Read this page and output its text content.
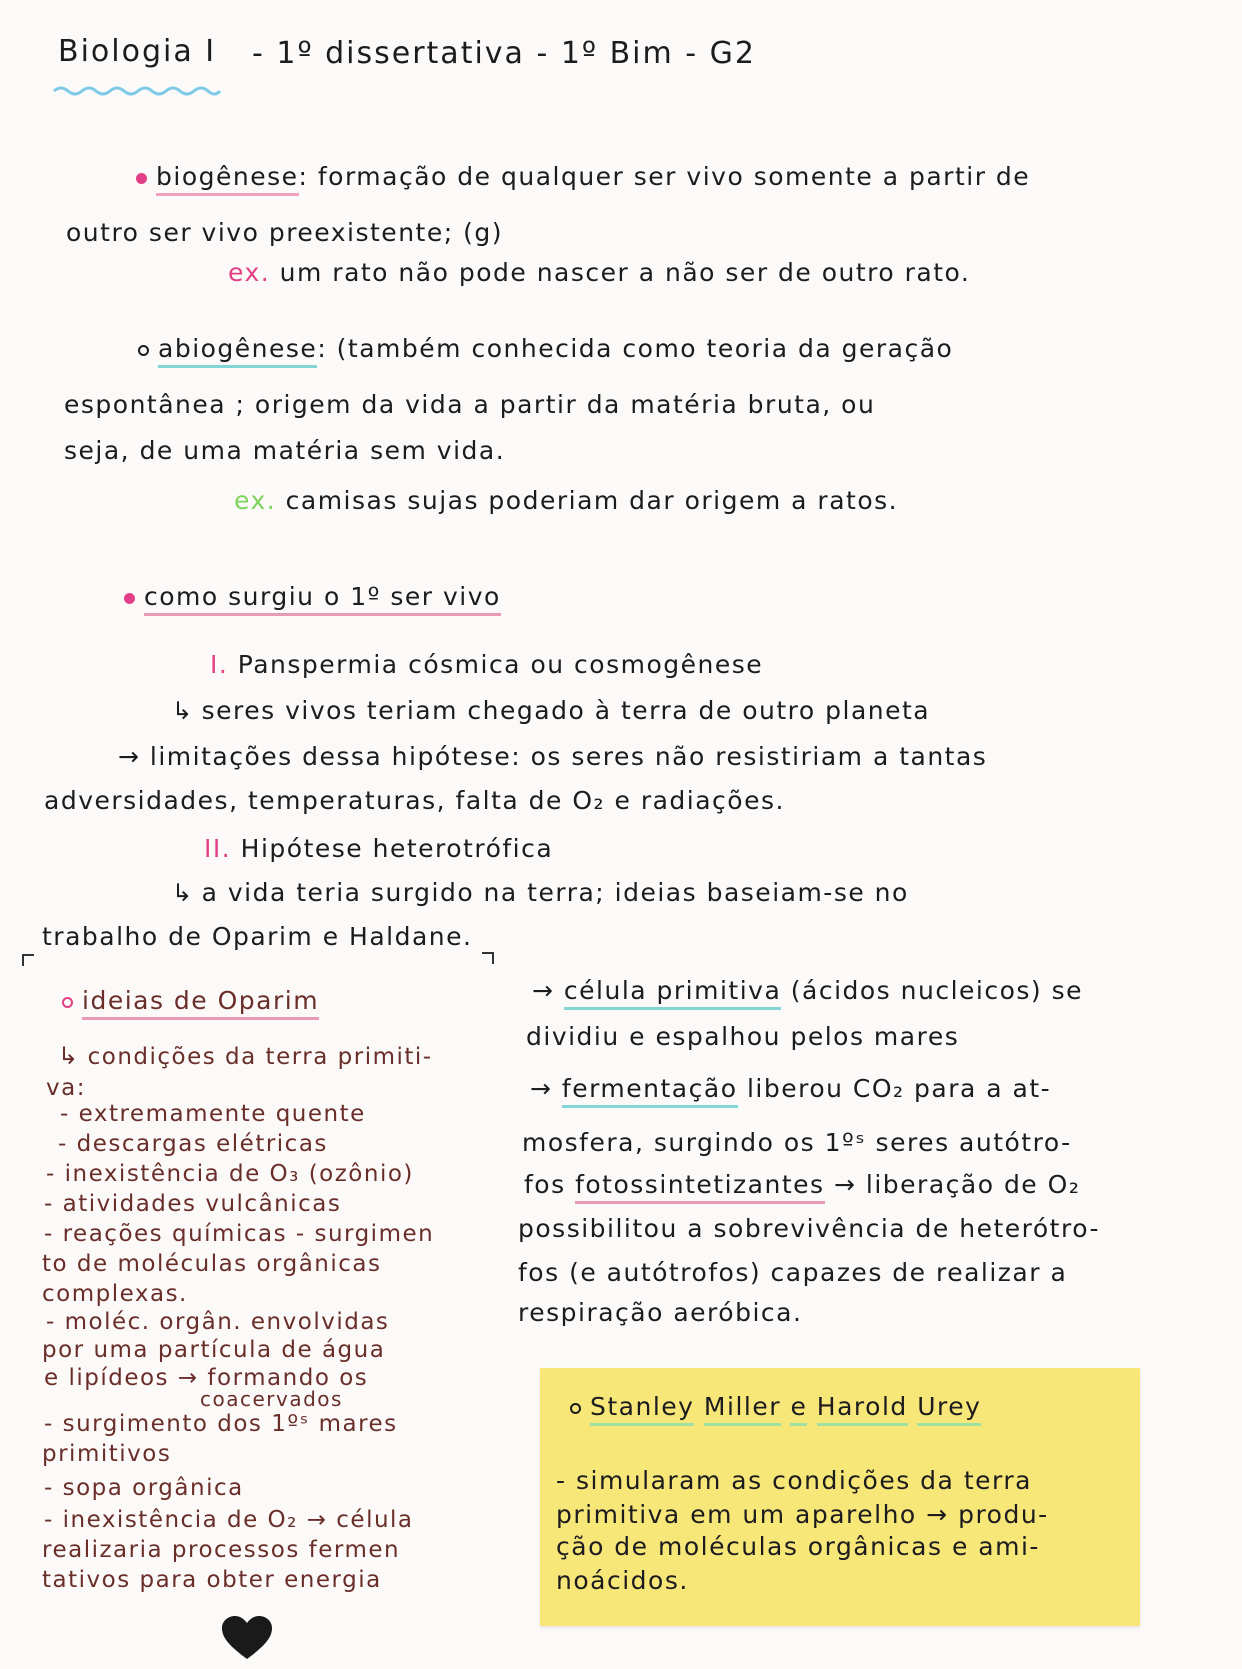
Biologia I - 1º dissertativa - 1º Bim - G2
biogênese: formação de qualquer ser vivo somente a partir de
outro ser vivo preexistente; (g)
ex. um rato não pode nascer a não ser de outro rato.
abiogênese: (também conhecida como teoria da geração
espontânea ; origem da vida a partir da matéria bruta, ou
seja, de uma matéria sem vida.
ex. camisas sujas poderiam dar origem a ratos.
como surgiu o 1º ser vivo
I. Panspermia cósmica ou cosmogênese
↳ seres vivos teriam chegado à terra de outro planeta
→ limitações dessa hipótese: os seres não resistiriam a tantas
adversidades, temperaturas, falta de O₂ e radiações.
II. Hipótese heterotrófica
↳ a vida teria surgido na terra; ideias baseiam-se no
trabalho de Oparim e Haldane.
ideias de Oparim
↳ condições da terra primiti-
va:
- extremamente quente
- descargas elétricas
- inexistência de O₃ (ozônio)
- atividades vulcânicas
- reações químicas - surgimen
to de moléculas orgânicas
complexas.
- moléc. orgân. envolvidas
por uma partícula de água
e lipídeos → formando os
coacervados
- surgimento dos 1ºˢ mares
primitivos
- sopa orgânica
- inexistência de O₂ → célula
realizaria processos fermen
tativos para obter energia
→ célula primitiva (ácidos nucleicos) se
dividiu e espalhou pelos mares
→ fermentação liberou CO₂ para a at-
mosfera, surgindo os 1ºˢ seres autótro-
fos fotossintetizantes → liberação de O₂
possibilitou a sobrevivência de heterótro-
fos (e autótrofos) capazes de realizar a
respiração aeróbica.
Stanley Miller e Harold Urey
- simularam as condições da terra
primitiva em um aparelho → produ-
ção de moléculas orgânicas e ami-
noácidos.
